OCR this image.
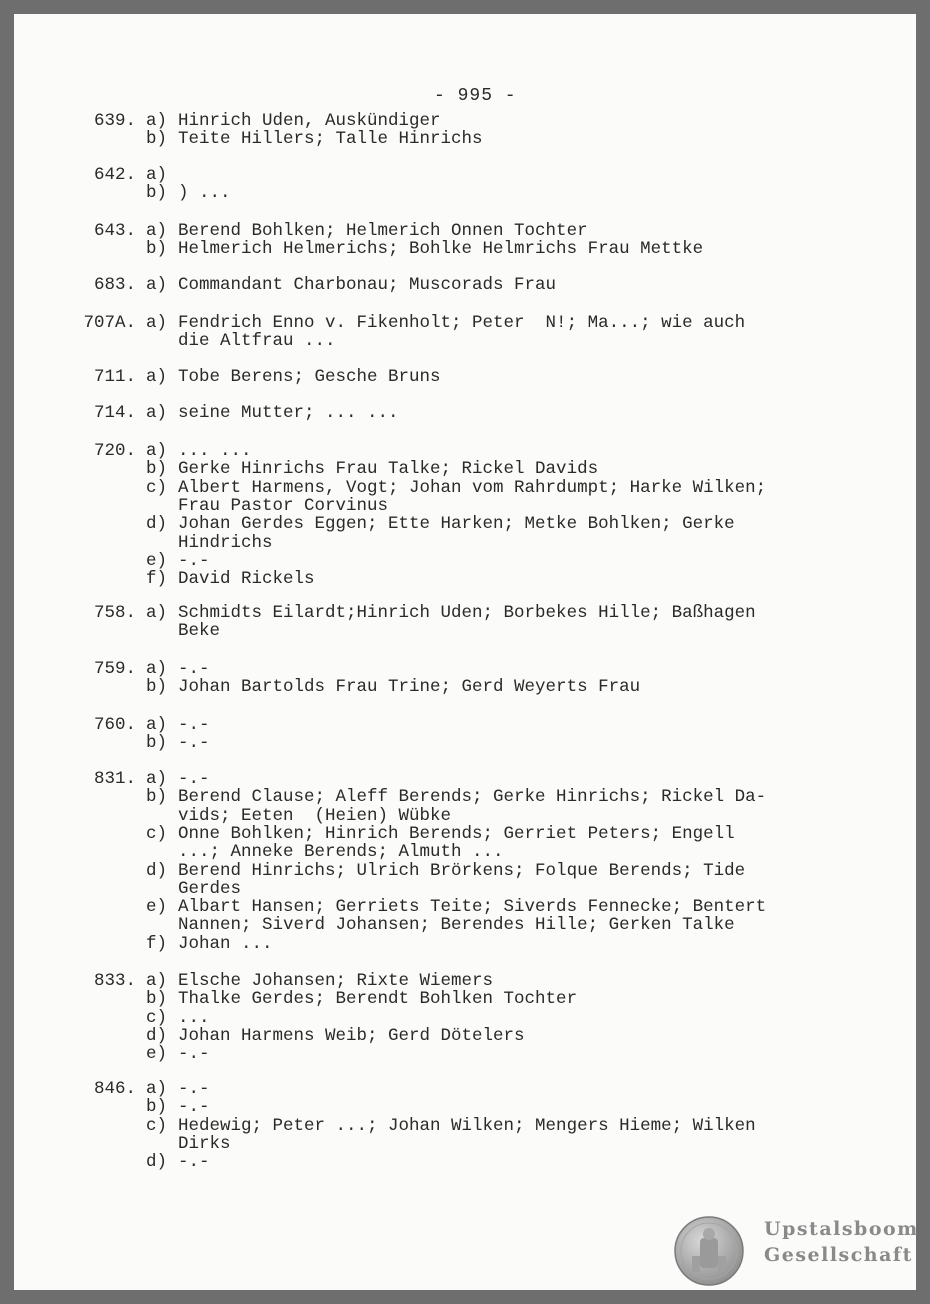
- 995 -
639. a) Hinrich Uden, Auskündiger
b) Teite Hillers; Talle Hinrichs
642. a)
b) ) ...
643. a) Berend Bohlken; Helmerich Onnen Tochter
b) Helmerich Helmerichs; Bohlke Helmrichs Frau Mettke
683. a) Commandant Charbonau; Muscorads Frau
707A. a) Fendrich Enno v. Fikenholt; Peter  N!; Ma...; wie auch
die Altfrau ...
711. a) Tobe Berens; Gesche Bruns
714. a) seine Mutter; ... ...
720. a) ... ...
b) Gerke Hinrichs Frau Talke; Rickel Davids
c) Albert Harmens, Vogt; Johan vom Rahrdumpt; Harke Wilken;
Frau Pastor Corvinus
d) Johan Gerdes Eggen; Ette Harken; Metke Bohlken; Gerke
Hindrichs
e) -.-
f) David Rickels
758. a) Schmidts Eilardt;Hinrich Uden; Borbekes Hille; Baßhagen
Beke
759. a) -.-
b) Johan Bartolds Frau Trine; Gerd Weyerts Frau
760. a) -.-
b) -.-
831. a) -.-
b) Berend Clause; Aleff Berends; Gerke Hinrichs; Rickel Da-
vids; Eeten  (Heien) Wübke
c) Onne Bohlken; Hinrich Berends; Gerriet Peters; Engell
...; Anneke Berends; Almuth ...
d) Berend Hinrichs; Ulrich Brörkens; Folque Berends; Tide
Gerdes
e) Albart Hansen; Gerriets Teite; Siverds Fennecke; Bentert
Nannen; Siverd Johansen; Berendes Hille; Gerken Talke
f) Johan ...
833. a) Elsche Johansen; Rixte Wiemers
b) Thalke Gerdes; Berendt Bohlken Tochter
c) ...
d) Johan Harmens Weib; Gerd Dötelers
e) -.-
846. a) -.-
b) -.-
c) Hedewig; Peter ...; Johan Wilken; Mengers Hieme; Wilken
Dirks
d) -.-
Upstalsboom
Gesellschaft
